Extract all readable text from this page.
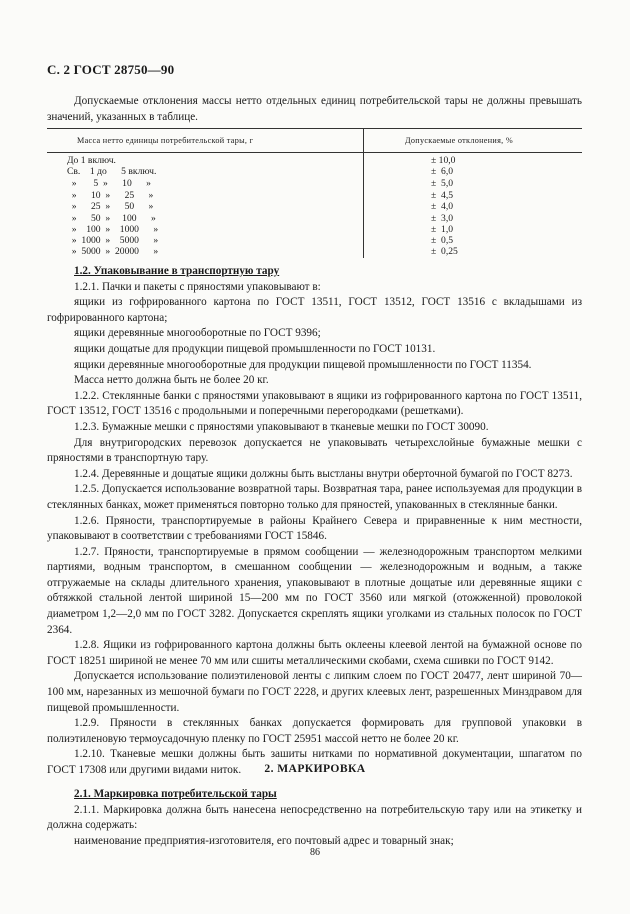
С. 2 ГОСТ 28750—90

Допускаемые отклонения массы нетто отдельных единиц потребительской тары не должны превышать значений, указанных в таблице.

Масса нетто единицы потребительской тары, г	Допускаемые отклонения, %
До 1 включ.	± 10,0
Св.    1 до      5 включ.	±  6,0
»       5  »      10      »	±  5,0
»      10  »      25      »	±  4,5
»      25  »      50      »	±  4,0
»      50  »     100      »	±  3,0
»    100  »    1000      »	±  1,0
»  1000  »    5000      »	±  0,5
»  5000  »  20000      »	±  0,25

1.2. Упаковывание в транспортную тару

1.2.1. Пачки и пакеты с пряностями упаковывают в:

ящики из гофрированного картона по ГОСТ 13511, ГОСТ 13512, ГОСТ 13516 с вкладышами из гофрированного картона;

ящики деревянные многооборотные по ГОСТ 9396;

ящики дощатые для продукции пищевой промышленности по ГОСТ 10131.

ящики деревянные многооборотные для продукции пищевой промышленности по ГОСТ 11354.

Масса нетто должна быть не более 20 кг.

1.2.2. Стеклянные банки с пряностями упаковывают в ящики из гофрированного картона по ГОСТ 13511, ГОСТ 13512, ГОСТ 13516 с продольными и поперечными перегородками (решетками).

1.2.3. Бумажные мешки с пряностями упаковывают в тканевые мешки по ГОСТ 30090.

Для внутригородских перевозок допускается не упаковывать четырехслойные бумажные мешки с пряностями в транспортную тару.

1.2.4. Деревянные и дощатые ящики должны быть выстланы внутри оберточной бумагой по ГОСТ 8273.

1.2.5. Допускается использование возвратной тары. Возвратная тара, ранее используемая для продукции в стеклянных банках, может применяться повторно только для пряностей, упакованных в стеклянные банки.

1.2.6. Пряности, транспортируемые в районы Крайнего Севера и приравненные к ним местности, упаковывают в соответствии с требованиями ГОСТ 15846.

1.2.7. Пряности, транспортируемые в прямом сообщении — железнодорожным транспортом мелкими партиями, водным транспортом, в смешанном сообщении — железнодорожным и водным, а также отгружаемые на склады длительного хранения, упаковывают в плотные дощатые или деревянные ящики с обтяжкой стальной лентой шириной 15—200 мм по ГОСТ 3560 или мягкой (отожженной) проволокой диаметром 1,2—2,0 мм по ГОСТ 3282. Допускается скреплять ящики уголками из стальных полосок по ГОСТ 2364.

1.2.8. Ящики из гофрированного картона должны быть оклеены клеевой лентой на бумажной основе по ГОСТ 18251 шириной не менее 70 мм или сшиты металлическими скобами, схема сшивки по ГОСТ 9142.

Допускается использование полиэтиленовой ленты с липким слоем по ГОСТ 20477, лент шириной 70—100 мм, нарезанных из мешочной бумаги по ГОСТ 2228, и других клеевых лент, разрешенных Минздравом для пищевой промышленности.

1.2.9. Пряности в стеклянных банках допускается формировать для групповой упаковки в полиэтиленовую термоусадочную пленку по ГОСТ 25951 массой нетто не более 20 кг.

1.2.10. Тканевые мешки должны быть зашиты нитками по нормативной документации, шпагатом по ГОСТ 17308 или другими видами ниток.	2. МАРКИРОВКА

2.1. Маркировка потребительской тары

2.1.1. Маркировка должна быть нанесена непосредственно на потребительскую тару или на этикетку и должна содержать:

наименование предприятия-изготовителя, его почтовый адрес и товарный знак;

86
